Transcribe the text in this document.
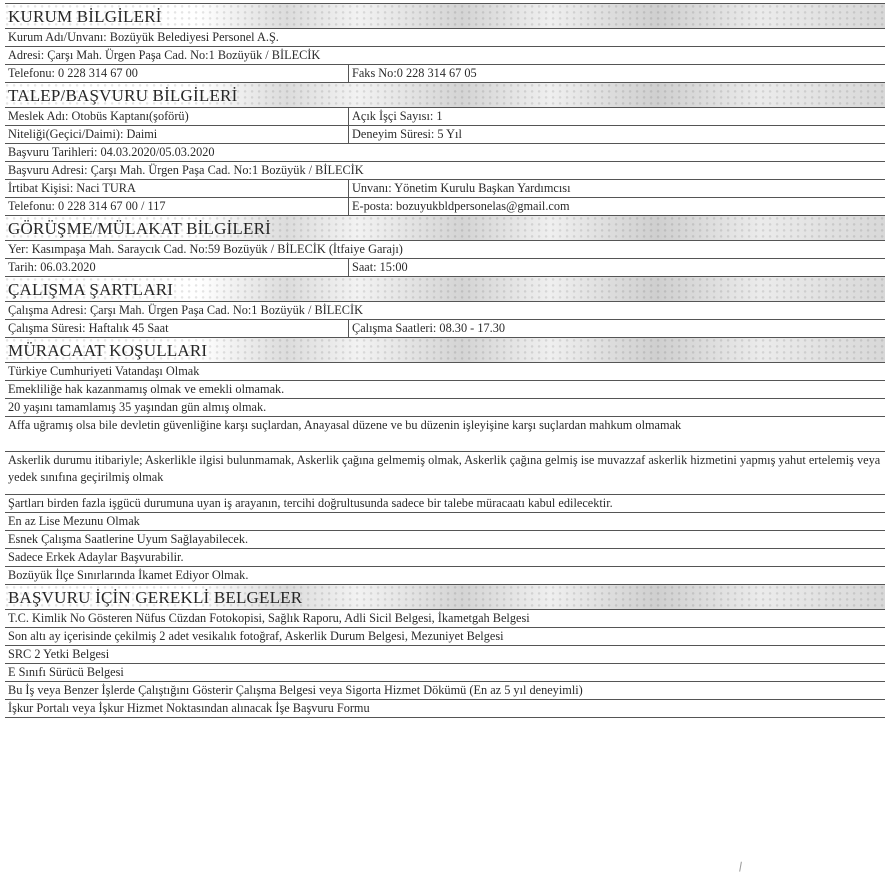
KURUM BİLGİLERİ
Kurum Adı/Unvanı: Bozüyük Belediyesi Personel A.Ş.
Adresi: Çarşı Mah. Ürgen Paşa Cad. No:1 Bozüyük / BİLECİK
Telefonu: 0 228 314 67 00	Faks No:0 228 314 67 05
TALEP/BAŞVURU BİLGİLERİ
Meslek Adı: Otobüs Kaptanı(şoförü)	Açık İşçi Sayısı: 1
Niteliği(Geçici/Daimi): Daimi	Deneyim Süresi: 5 Yıl
Başvuru Tarihleri: 04.03.2020/05.03.2020
Başvuru Adresi: Çarşı Mah. Ürgen Paşa Cad. No:1 Bozüyük / BİLECİK
İrtibat Kişisi: Naci TURA	Unvanı: Yönetim Kurulu Başkan Yardımcısı
Telefonu: 0 228 314 67 00 / 117	E-posta: bozuyukbldpersonelas@gmail.com
GÖRÜŞME/MÜLAKAT BİLGİLERİ
Yer: Kasımpaşa Mah. Saraycık Cad. No:59 Bozüyük / BİLECİK (İtfaiye Garajı)
Tarih: 06.03.2020	Saat: 15:00
ÇALIŞMA ŞARTLARI
Çalışma Adresi: Çarşı Mah. Ürgen Paşa Cad. No:1 Bozüyük / BİLECİK
Çalışma Süresi: Haftalık 45 Saat	Çalışma Saatleri: 08.30 - 17.30
MÜRACAAT KOŞULLARI
Türkiye Cumhuriyeti Vatandaşı Olmak
Emekliliğe hak kazanmamış olmak ve emekli olmamak.
20 yaşını tamamlamış 35 yaşından gün almış olmak.
Affa uğramış olsa bile devletin güvenliğine karşı suçlardan, Anayasal düzene ve bu düzenin işleyişine karşı suçlardan mahkum olmamak
Askerlik durumu itibariyle; Askerlikle ilgisi bulunmamak, Askerlik çağına gelmemiş olmak, Askerlik çağına gelmiş ise muvazzaf askerlik hizmetini yapmış yahut ertelemiş veya yedek sınıfına geçirilmiş olmak
Şartları birden fazla işgücü durumuna uyan iş arayanın, tercihi doğrultusunda sadece bir talebe müracaatı kabul edilecektir.
En az Lise Mezunu Olmak
Esnek Çalışma Saatlerine Uyum Sağlayabilecek.
Sadece Erkek Adaylar Başvurabilir.
Bozüyük İlçe Sınırlarında İkamet Ediyor Olmak.
BAŞVURU İÇİN GEREKLİ BELGELER
T.C. Kimlik No Gösteren Nüfus Cüzdan Fotokopisi, Sağlık Raporu, Adli Sicil Belgesi, İkametgah Belgesi
Son altı ay içerisinde çekilmiş 2 adet vesikalık fotoğraf, Askerlik Durum Belgesi, Mezuniyet Belgesi
SRC 2 Yetki Belgesi
E Sınıfı Sürücü Belgesi
Bu İş veya Benzer İşlerde Çalıştığını Gösterir Çalışma Belgesi veya Sigorta Hizmet Dökümü (En az 5 yıl deneyimli)
İşkur Portalı veya İşkur Hizmet Noktasından alınacak İşe Başvuru Formu
